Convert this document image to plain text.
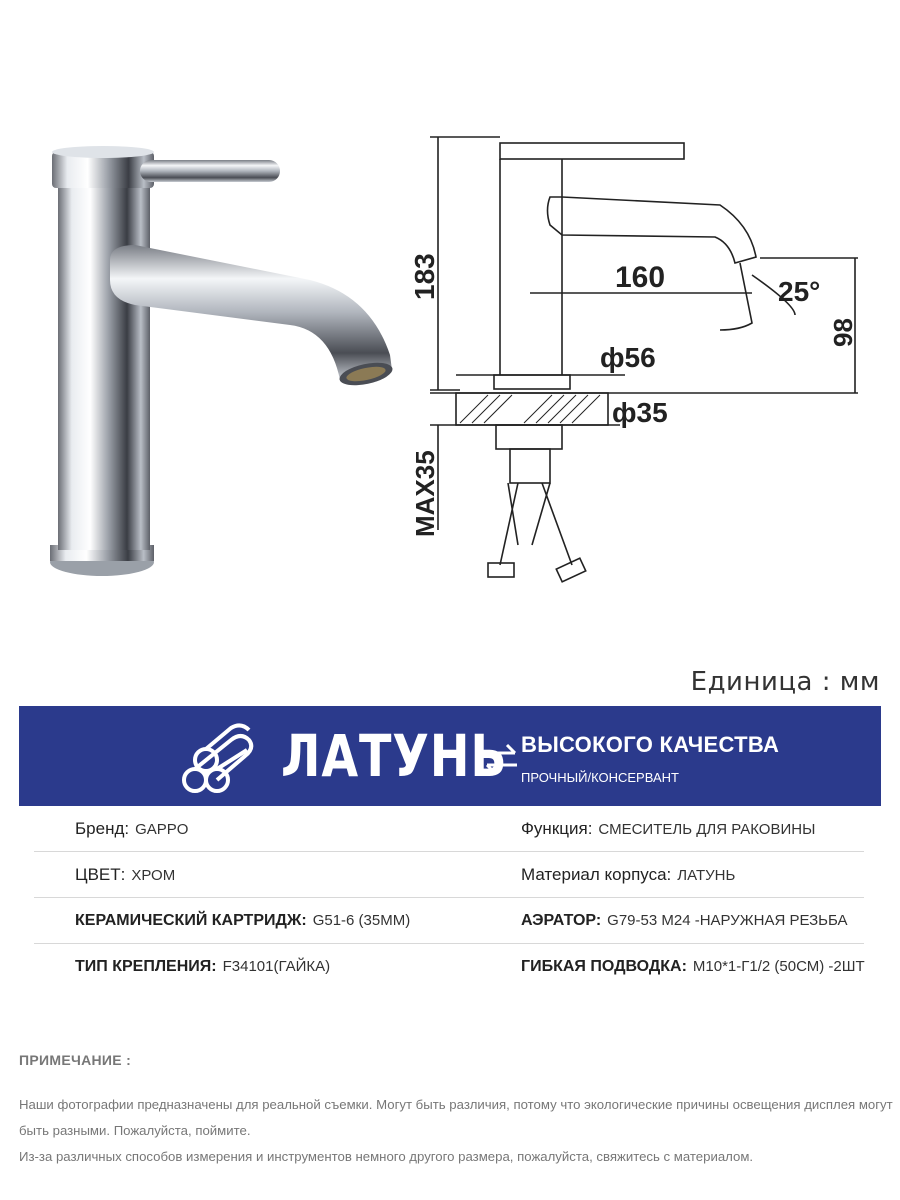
183	160	25°
98
ф56
ф35
MAX35
Единица : мм
ЛАТУНЬ ВЫСОКОГО КАЧЕСТВА
ПРОЧНЫЙ/КОНСЕРВАНТ
Бренд: GAPPO	Функция: СМЕСИТЕЛЬ ДЛЯ РАКОВИНЫ
ЦВЕТ: ХРОМ	Материал корпуса: ЛАТУНЬ
КЕРАМИЧЕСКИЙ КАРТРИДЖ: G51-6 (35ММ)	АЭРАТОР: G79-53 M24 -НАРУЖНАЯ РЕЗЬБА
ТИП КРЕПЛЕНИЯ: F34101(ГАЙКА)	ГИБКАЯ ПОДВОДКА: M10*1-Г1/2 (50СМ) -2ШТ
ПРИМЕЧАНИЕ :
Наши фотографии предназначены для реальной съемки. Могут быть различия, потому что экологические причины освещения дисплея могут
быть разными. Пожалуйста, поймите.
Из-за различных способов измерения и инструментов немного другого размера, пожалуйста, свяжитесь с материалом.
